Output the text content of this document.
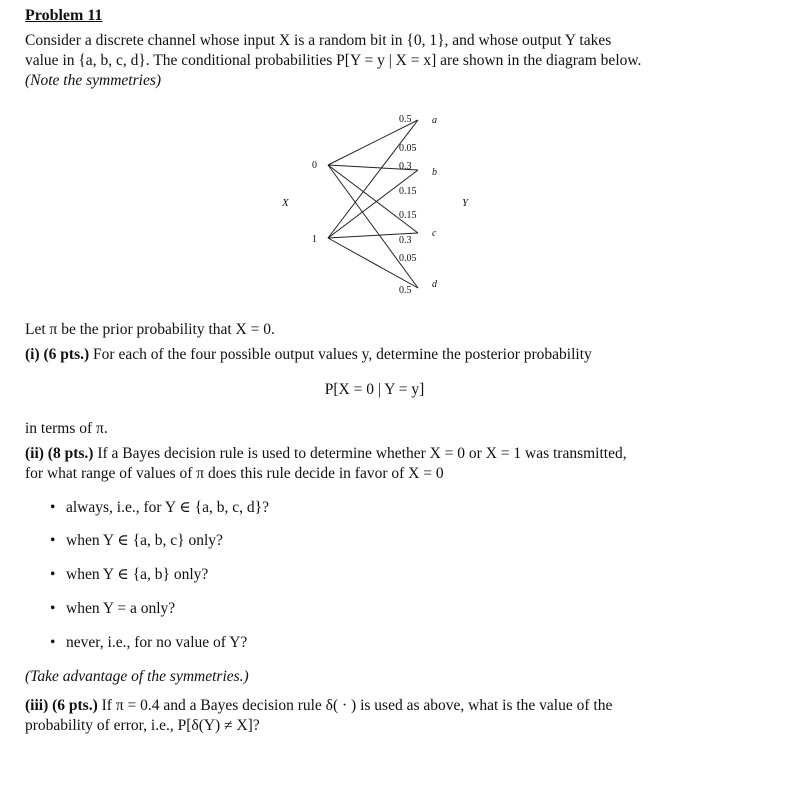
Problem 11
Consider a discrete channel whose input X is a random bit in {0, 1}, and whose output Y takes
value in {a, b, c, d}. The conditional probabilities P[Y = y | X = x] are shown in the diagram below.
(Note the symmetries)
X	Y
0
1
a
b
c
d
0.5
0.05
0.3
0.15
0.15
0.3
0.05
0.5
Let π be the prior probability that X = 0.
(i) (6 pts.) For each of the four possible output values y, determine the posterior probability
P[X = 0 | Y = y]
in terms of π.
(ii) (8 pts.) If a Bayes decision rule is used to determine whether X = 0 or X = 1 was transmitted,
for what range of values of π does this rule decide in favor of X = 0
• always, i.e., for Y ∈ {a, b, c, d}?
• when Y ∈ {a, b, c} only?
• when Y ∈ {a, b} only?
• when Y = a only?
• never, i.e., for no value of Y?
(Take advantage of the symmetries.)
(iii) (6 pts.) If π = 0.4 and a Bayes decision rule δ( · ) is used as above, what is the value of the
probability of error, i.e., P[δ(Y) ≠ X]?
